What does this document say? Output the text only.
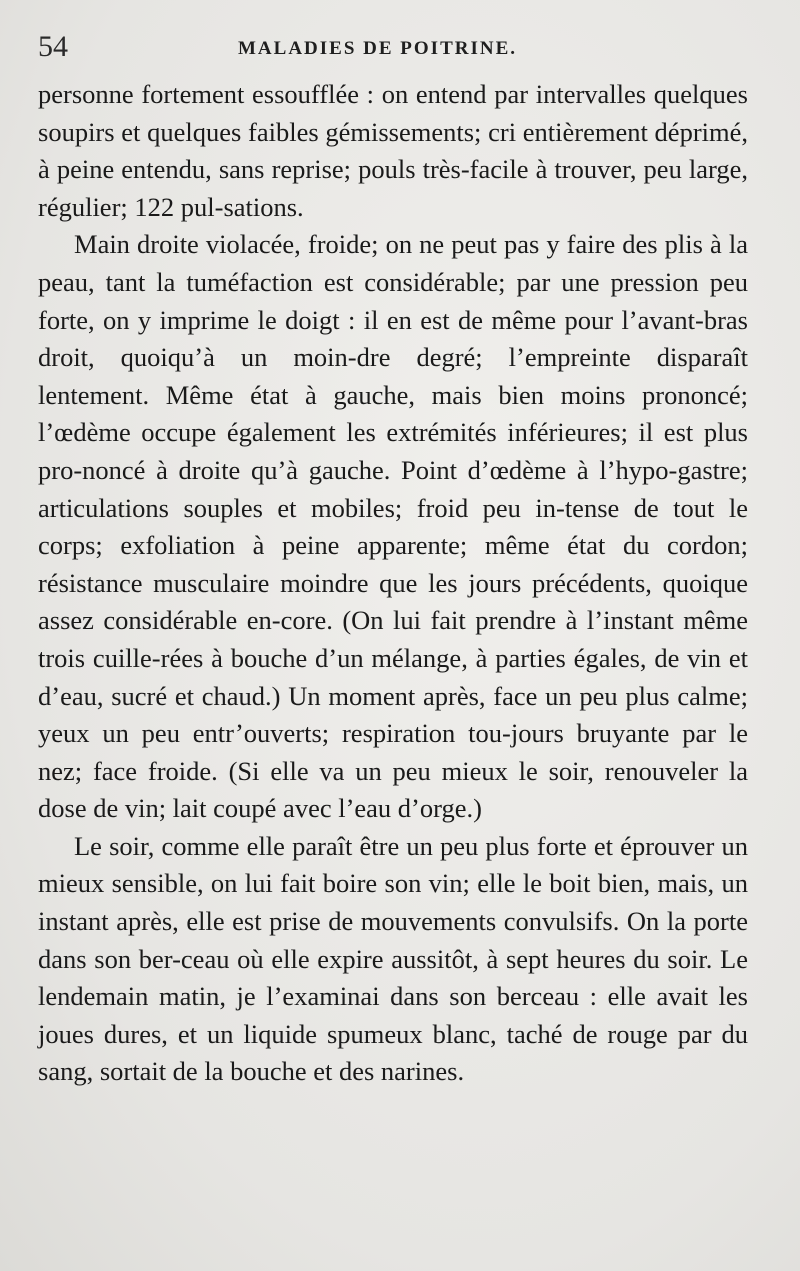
54	MALADIES DE POITRINE.

personne fortement essoufflée : on entend par intervalles quelques soupirs et quelques faibles gémissements; cri entièrement déprimé, à peine entendu, sans reprise; pouls très-facile à trouver, peu large, régulier; 122 pul-sations.

Main droite violacée, froide; on ne peut pas y faire des plis à la peau, tant la tuméfaction est considérable; par une pression peu forte, on y imprime le doigt : il en est de même pour l’avant-bras droit, quoiqu’à un moin-dre degré; l’empreinte disparaît lentement. Même état à gauche, mais bien moins prononcé; l’œdème occupe également les extrémités inférieures; il est plus pro-noncé à droite qu’à gauche. Point d’œdème à l’hypo-gastre; articulations souples et mobiles; froid peu in-tense de tout le corps; exfoliation à peine apparente; même état du cordon; résistance musculaire moindre que les jours précédents, quoique assez considérable en-core. (On lui fait prendre à l’instant même trois cuille-rées à bouche d’un mélange, à parties égales, de vin et d’eau, sucré et chaud.) Un moment après, face un peu plus calme; yeux un peu entr’ouverts; respiration tou-jours bruyante par le nez; face froide. (Si elle va un peu mieux le soir, renouveler la dose de vin; lait coupé avec l’eau d’orge.)

Le soir, comme elle paraît être un peu plus forte et éprouver un mieux sensible, on lui fait boire son vin; elle le boit bien, mais, un instant après, elle est prise de mouvements convulsifs. On la porte dans son ber-ceau où elle expire aussitôt, à sept heures du soir. Le lendemain matin, je l’examinai dans son berceau : elle avait les joues dures, et un liquide spumeux blanc, taché de rouge par du sang, sortait de la bouche et des narines.
